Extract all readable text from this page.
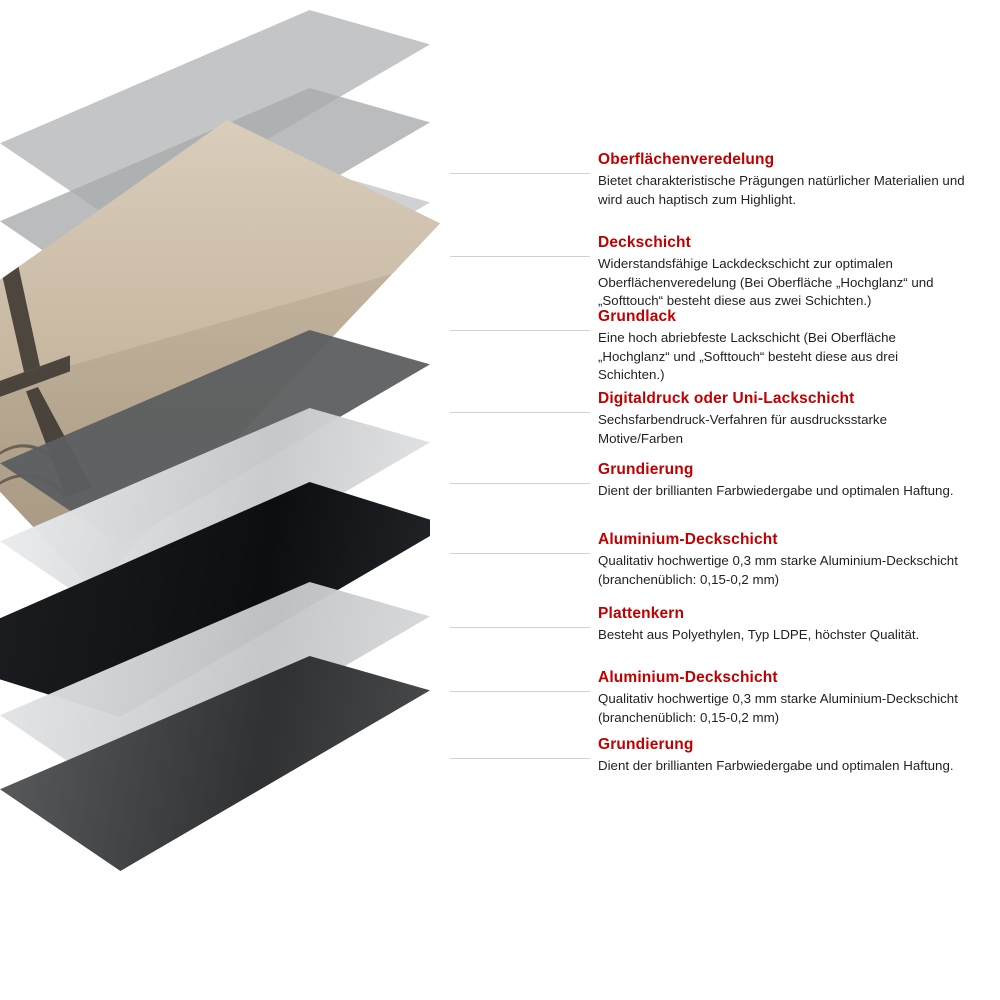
Oberflächenveredelung

Bietet charakteristische Prägungen natürlicher Materialien und wird auch haptisch zum Highlight.

Deckschicht

Widerstandsfähige Lackdeckschicht zur optimalen Oberflächenveredelung (Bei Oberfläche „Hochglanz“ und „Softtouch“ besteht diese aus zwei Schichten.)

Grundlack

Eine hoch abriebfeste Lackschicht (Bei Oberfläche „Hochglanz“ und „Softtouch“ besteht diese aus drei Schichten.)

Digitaldruck oder Uni-Lackschicht

Sechsfarbendruck-Verfahren für ausdrucksstarke Motive/Farben

Grundierung

Dient der brillianten Farbwiedergabe und optimalen Haftung.

Aluminium-Deckschicht

Qualitativ hochwertige 0,3 mm starke Aluminium-Deckschicht (branchenüblich: 0,15-0,2 mm)

Plattenkern

Besteht aus Polyethylen, Typ LDPE, höchster Qualität.

Aluminium-Deckschicht

Qualitativ hochwertige 0,3 mm starke Aluminium-Deckschicht (branchenüblich: 0,15-0,2 mm)

Grundierung

Dient der brillianten Farbwiedergabe und optimalen Haftung.
